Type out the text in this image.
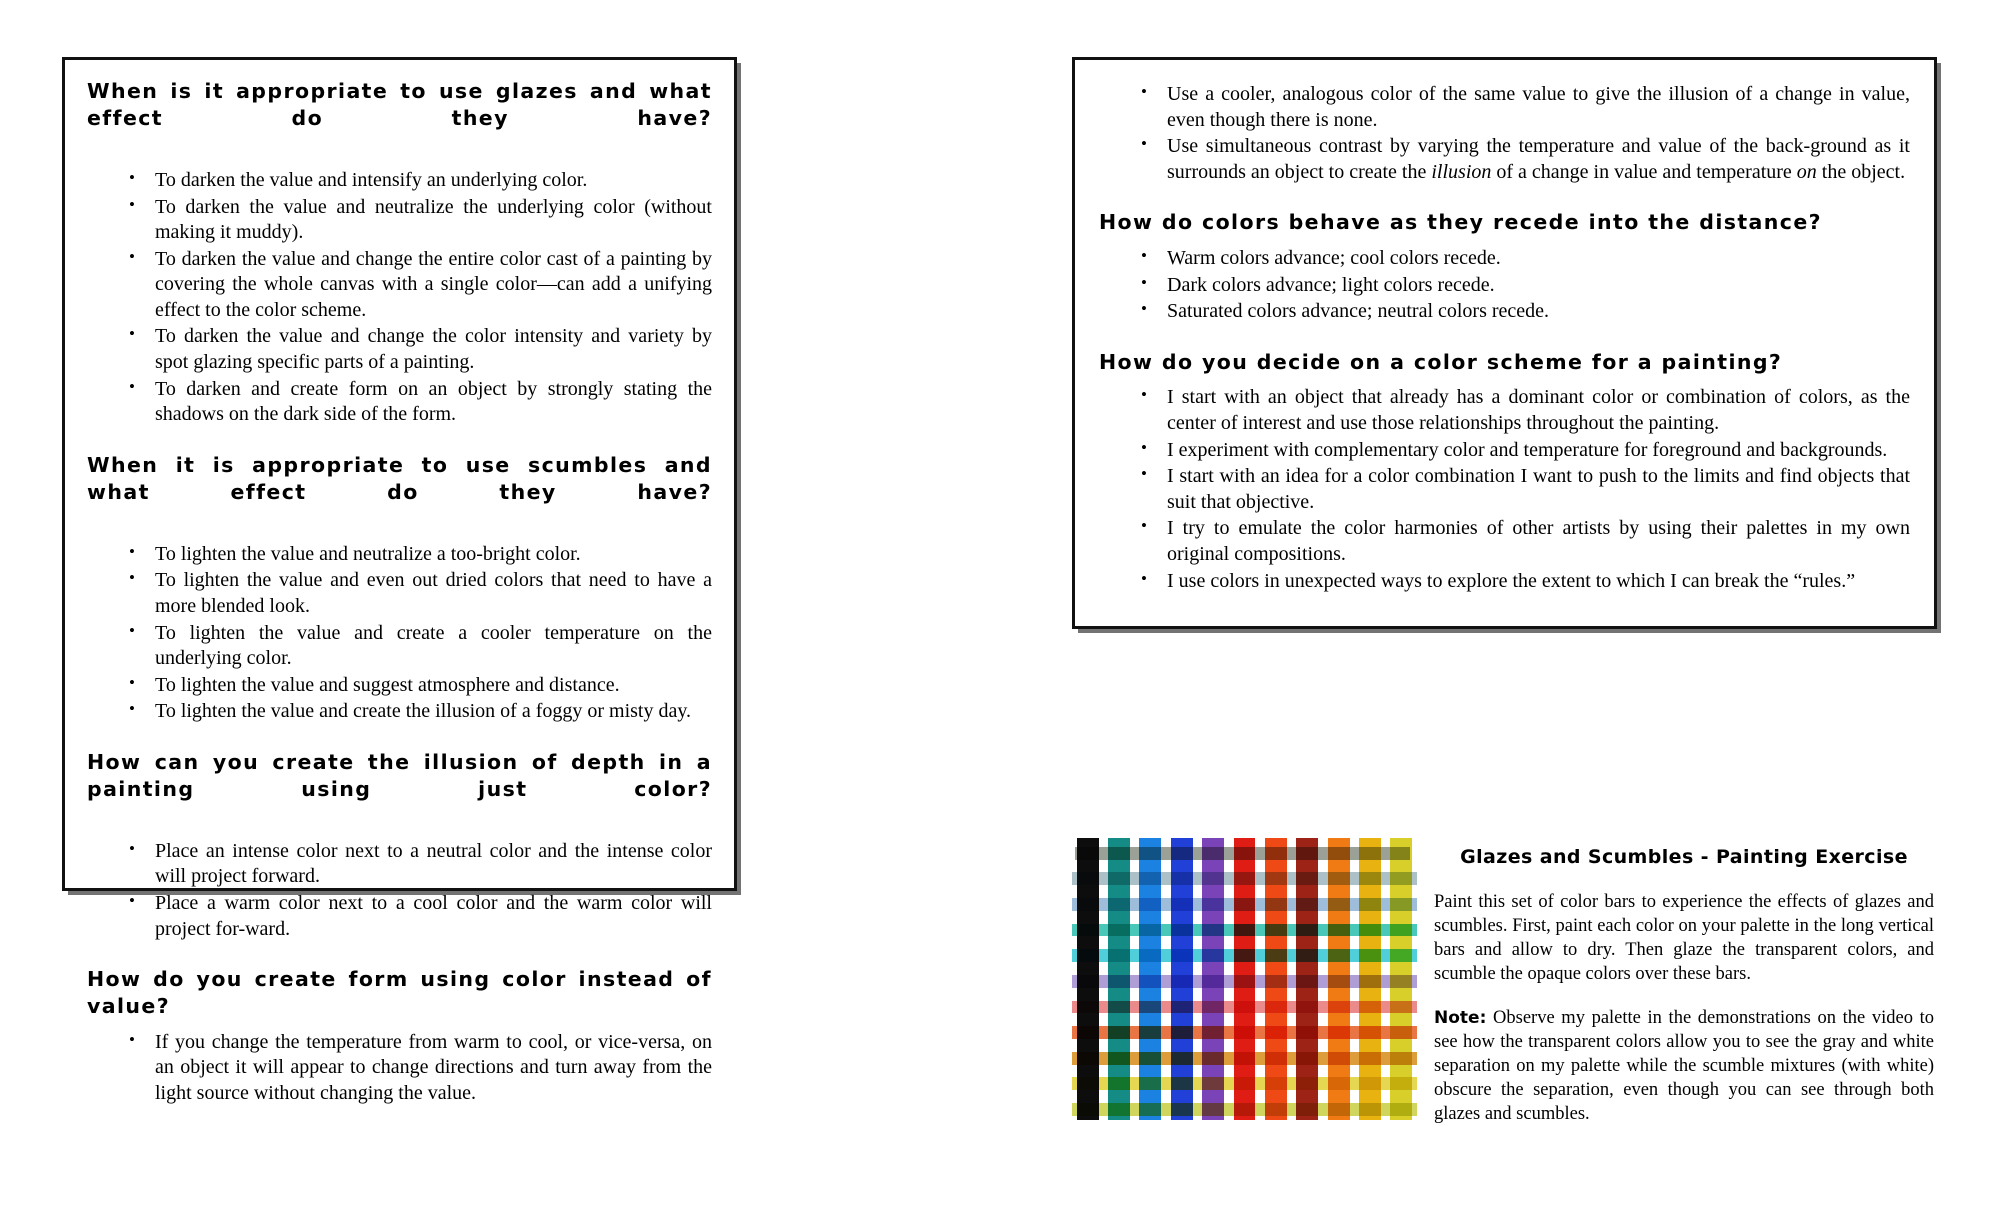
When is it appropriate to use glazes and what effect do they have?
• To darken the value and intensify an underlying color.
• To darken the value and neutralize the underlying color (without making it muddy).
• To darken the value and change the entire color cast of a painting by covering the whole canvas with a single color—can add a unifying effect to the color scheme.
• To darken the value and change the color intensity and variety by spot glazing specific parts of a painting.
• To darken and create form on an object by strongly stating the shadows on the dark side of the form.
When it is appropriate to use scumbles and what effect do they have?
• To lighten the value and neutralize a too-bright color.
• To lighten the value and even out dried colors that need to have a more blended look.
• To lighten the value and create a cooler temperature on the underlying color.
• To lighten the value and suggest atmosphere and distance.
• To lighten the value and create the illusion of a foggy or misty day.
How can you create the illusion of depth in a painting using just color?
• Place an intense color next to a neutral color and the intense color will project forward.
• Place a warm color next to a cool color and the warm color will project for-ward.
How do you create form using color instead of value?
• If you change the temperature from warm to cool, or vice-versa, on an object it will appear to change directions and turn away from the light source without changing the value.
• Use a cooler, analogous color of the same value to give the illusion of a change in value, even though there is none.
• Use simultaneous contrast by varying the temperature and value of the back-ground as it surrounds an object to create the illusion of a change in value and temperature on the object.
How do colors behave as they recede into the distance?
• Warm colors advance; cool colors recede.
• Dark colors advance; light colors recede.
• Saturated colors advance; neutral colors recede.
How do you decide on a color scheme for a painting?
• I start with an object that already has a dominant color or combination of colors, as the center of interest and use those relationships throughout the painting.
• I experiment with complementary color and temperature for foreground and backgrounds.
• I start with an idea for a color combination I want to push to the limits and find objects that suit that objective.
• I try to emulate the color harmonies of other artists by using their palettes in my own original compositions.
• I use colors in unexpected ways to explore the extent to which I can break the “rules.”
Glazes and Scumbles - Painting Exercise

Paint this set of color bars to experience the effects of glazes and scumbles. First, paint each color on your palette in the long vertical bars and allow to dry. Then glaze the transparent colors, and scumble the opaque colors over these bars.

Note: Observe my palette in the demonstrations on the video to see how the transparent colors allow you to see the gray and white separation on my palette while the scumble mixtures (with white) obscure the separation, even though you can see through both glazes and scumbles.
